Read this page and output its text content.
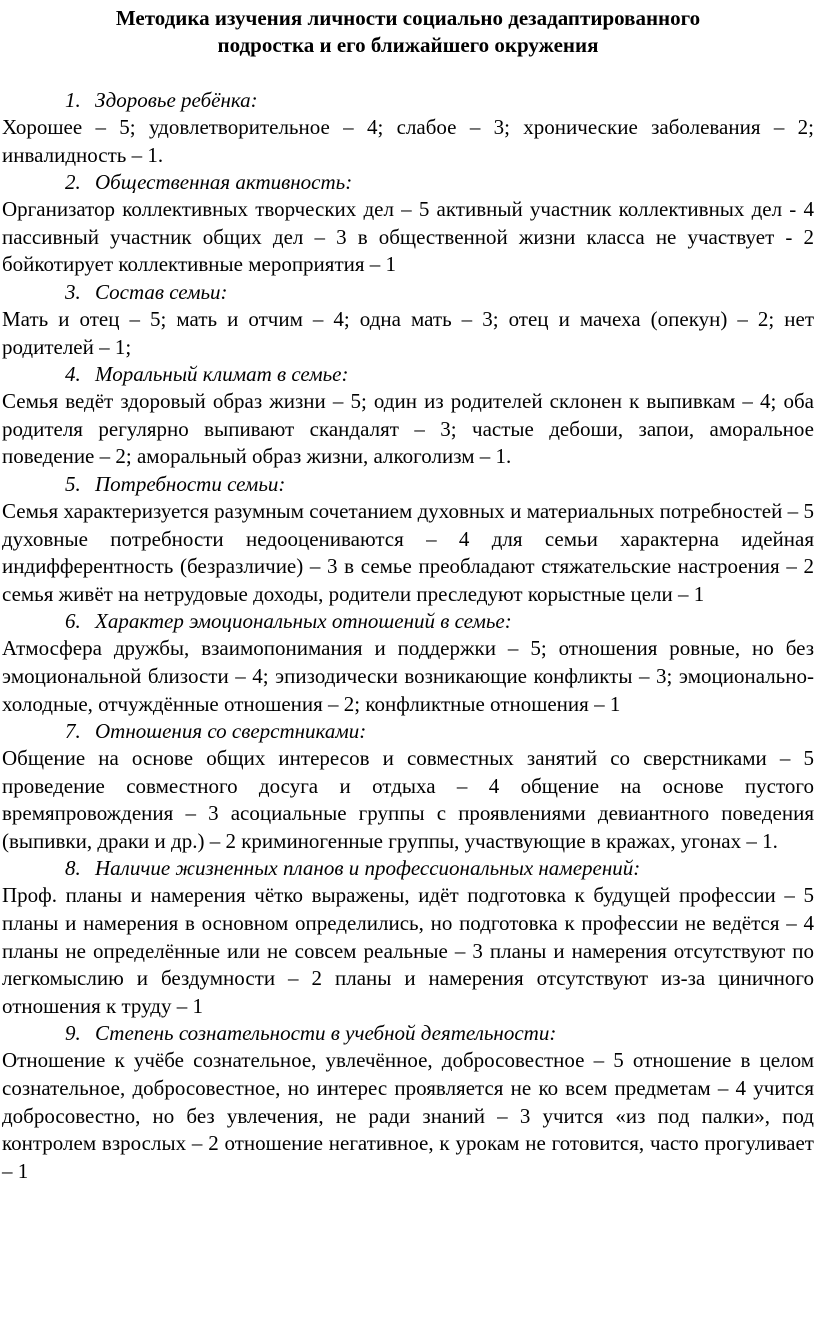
Методика изучения личности социально дезадаптированного
подростка и его ближайшего окружения

1. Здоровье ребёнка:

Хорошее – 5; удовлетворительное – 4; слабое – 3; хронические заболевания – 2; инвалидность – 1.

2. Общественная активность:

Организатор коллективных творческих дел – 5 активный участник коллективных дел - 4 пассивный участник общих дел – 3 в общественной жизни класса не участвует - 2 бойкотирует коллективные мероприятия – 1

3. Состав семьи:

Мать и отец – 5; мать и отчим – 4; одна мать – 3; отец и мачеха (опекун) – 2; нет родителей – 1;

4. Моральный климат в семье:

Семья ведёт здоровый образ жизни – 5; один из родителей склонен к выпивкам – 4; оба родителя регулярно выпивают скандалят – 3; частые дебоши, запои, аморальное поведение – 2; аморальный образ жизни, алкоголизм – 1.

5. Потребности семьи:

Семья характеризуется разумным сочетанием духовных и материальных потребностей – 5 духовные потребности недооцениваются – 4 для семьи характерна идейная индифферентность (безразличие) – 3 в семье преобладают стяжательские настроения – 2 семья живёт на нетрудовые доходы, родители преследуют корыстные цели – 1

6. Характер эмоциональных отношений в семье:

Атмосфера дружбы, взаимопонимания и поддержки – 5; отношения ровные, но без эмоциональной близости – 4; эпизодически возникающие конфликты – 3; эмоционально-холодные, отчуждённые отношения – 2; конфликтные отношения – 1

7. Отношения со сверстниками:

Общение на основе общих интересов и совместных занятий со сверстниками – 5 проведение совместного досуга и отдыха – 4 общение на основе пустого времяпровождения – 3 асоциальные группы с проявлениями девиантного поведения (выпивки, драки и др.) – 2 криминогенные группы, участвующие в кражах, угонах – 1.

8. Наличие жизненных планов и профессиональных намерений:

Проф. планы и намерения чётко выражены, идёт подготовка к будущей профессии – 5 планы и намерения в основном определились, но подготовка к профессии не ведётся – 4 планы не определённые или не совсем реальные – 3 планы и намерения отсутствуют по легкомыслию и бездумности – 2 планы и намерения отсутствуют из-за циничного отношения к труду – 1

9. Степень сознательности в учебной деятельности:

Отношение к учёбе сознательное, увлечённое, добросовестное – 5 отношение в целом сознательное, добросовестное, но интерес проявляется не ко всем предметам – 4 учится добросовестно, но без увлечения, не ради знаний – 3 учится «из под палки», под контролем взрослых – 2 отношение негативное, к урокам не готовится, часто прогуливает – 1
